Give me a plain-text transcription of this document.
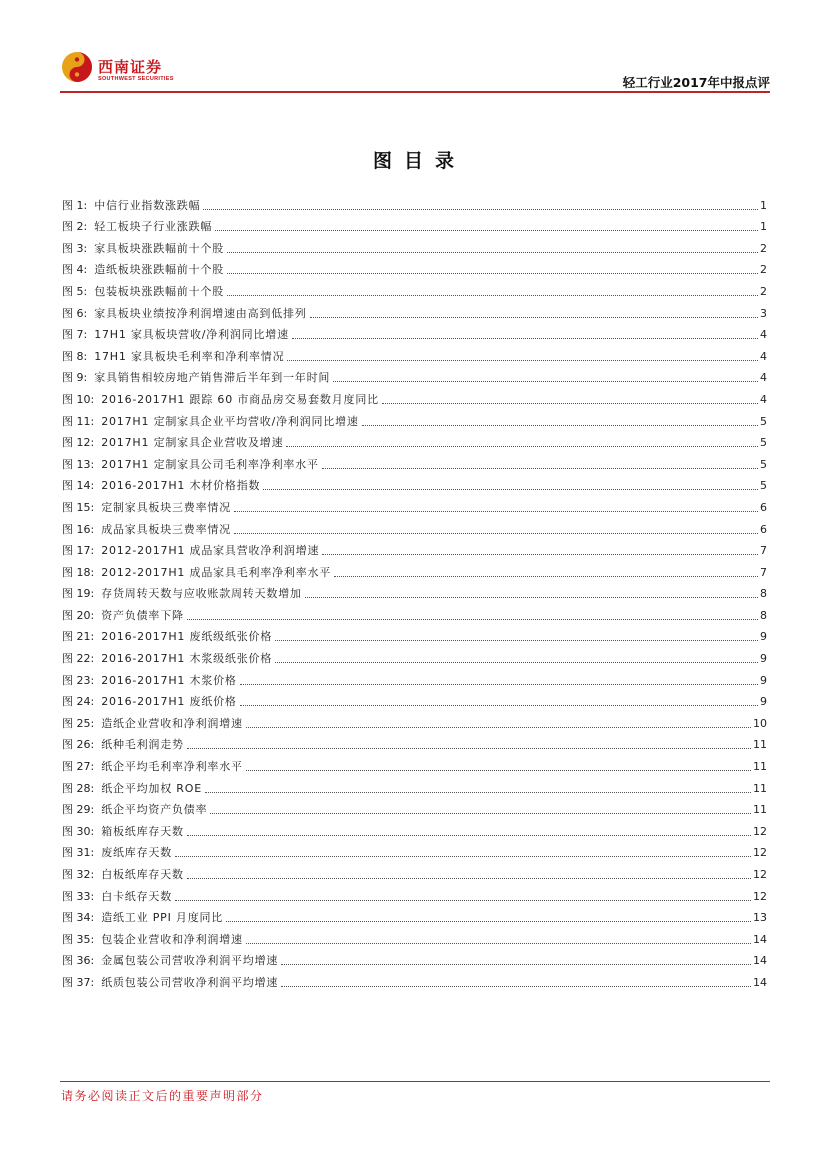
西南证券
SOUTHWEST SECURITIES	轻工行业2017年中报点评
图目录
图 1: 中信行业指数涨跌幅	1
图 2: 轻工板块子行业涨跌幅	1
图 3: 家具板块涨跌幅前十个股	2
图 4: 造纸板块涨跌幅前十个股	2
图 5: 包装板块涨跌幅前十个股	2
图 6: 家具板块业绩按净利润增速由高到低排列	3
图 7: 17H1 家具板块营收/净利润同比增速	4
图 8: 17H1 家具板块毛利率和净利率情况	4
图 9: 家具销售相较房地产销售滞后半年到一年时间	4
图 10: 2016-2017H1 跟踪 60 市商品房交易套数月度同比	4
图 11: 2017H1 定制家具企业平均营收/净利润同比增速	5
图 12: 2017H1 定制家具企业营收及增速	5
图 13: 2017H1 定制家具公司毛利率净利率水平	5
图 14: 2016-2017H1 木材价格指数	5
图 15: 定制家具板块三费率情况	6
图 16: 成品家具板块三费率情况	6
图 17: 2012-2017H1 成品家具营收净利润增速	7
图 18: 2012-2017H1 成品家具毛利率净利率水平	7
图 19: 存货周转天数与应收账款周转天数增加	8
图 20: 资产负债率下降	8
图 21: 2016-2017H1 废纸级纸张价格	9
图 22: 2016-2017H1 木浆级纸张价格	9
图 23: 2016-2017H1 木浆价格	9
图 24: 2016-2017H1 废纸价格	9
图 25: 造纸企业营收和净利润增速	10
图 26: 纸种毛利润走势	11
图 27: 纸企平均毛利率净利率水平	11
图 28: 纸企平均加权 ROE	11
图 29: 纸企平均资产负债率	11
图 30: 箱板纸库存天数	12
图 31: 废纸库存天数	12
图 32: 白板纸库存天数	12
图 33: 白卡纸存天数	12
图 34: 造纸工业 PPI 月度同比	13
图 35: 包装企业营收和净利润增速	14
图 36: 金属包装公司营收净利润平均增速	14
图 37: 纸质包装公司营收净利润平均增速	14
请务必阅读正文后的重要声明部分
